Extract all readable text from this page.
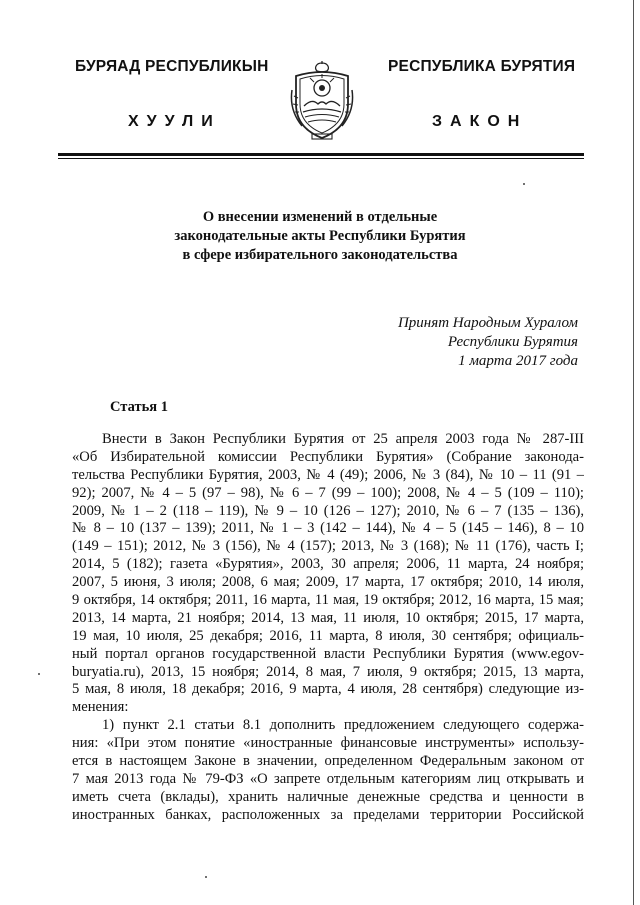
БУРЯАД РЕСПУБЛИКЫН	РЕСПУБЛИКА БУРЯТИЯ
ХУУЛИ	ЗАКОН
О внесении изменений в отдельные
законодательные акты Республики Бурятия
в сфере избирательного законодательства
Принят Народным Хуралом
Республики Бурятия
1 марта 2017 года
Статья 1
Внести в Закон Республики Бурятия от 25 апреля 2003 года № 287-III
«Об Избирательной комиссии Республики Бурятия» (Собрание законода-
тельства Республики Бурятия, 2003, № 4 (49); 2006, № 3 (84), № 10 – 11 (91 –
92); 2007, № 4 – 5 (97 – 98), № 6 – 7 (99 – 100); 2008, № 4 – 5 (109 – 110);
2009, № 1 – 2 (118 – 119), № 9 – 10 (126 – 127); 2010, № 6 – 7 (135 – 136),
№ 8 – 10 (137 – 139); 2011, № 1 – 3 (142 – 144), № 4 – 5 (145 – 146), 8 – 10
(149 – 151); 2012, № 3 (156), № 4 (157); 2013, № 3 (168); № 11 (176), часть I;
2014, 5 (182); газета «Бурятия», 2003, 30 апреля; 2006, 11 марта, 24 ноября;
2007, 5 июня, 3 июля; 2008, 6 мая; 2009, 17 марта, 17 октября; 2010, 14 июля,
9 октября, 14 октября; 2011, 16 марта, 11 мая, 19 октября; 2012, 16 марта, 15 мая;
2013, 14 марта, 21 ноября; 2014, 13 мая, 11 июля, 10 октября; 2015, 17 марта,
19 мая, 10 июля, 25 декабря; 2016, 11 марта, 8 июля, 30 сентября; официаль-
ный портал органов государственной власти Республики Бурятия (www.egov-
buryatia.ru), 2013, 15 ноября; 2014, 8 мая, 7 июля, 9 октября; 2015, 13 марта,
5 мая, 8 июля, 18 декабря; 2016, 9 марта, 4 июля, 28 сентября) следующие из-
менения:
1) пункт 2.1 статьи 8.1 дополнить предложением следующего содержа-
ния: «При этом понятие «иностранные финансовые инструменты» использу-
ется в настоящем Законе в значении, определенном Федеральным законом от
7 мая 2013 года № 79-ФЗ «О запрете отдельным категориям лиц открывать и
иметь счета (вклады), хранить наличные денежные средства и ценности в
иностранных банках, расположенных за пределами территории Российской
